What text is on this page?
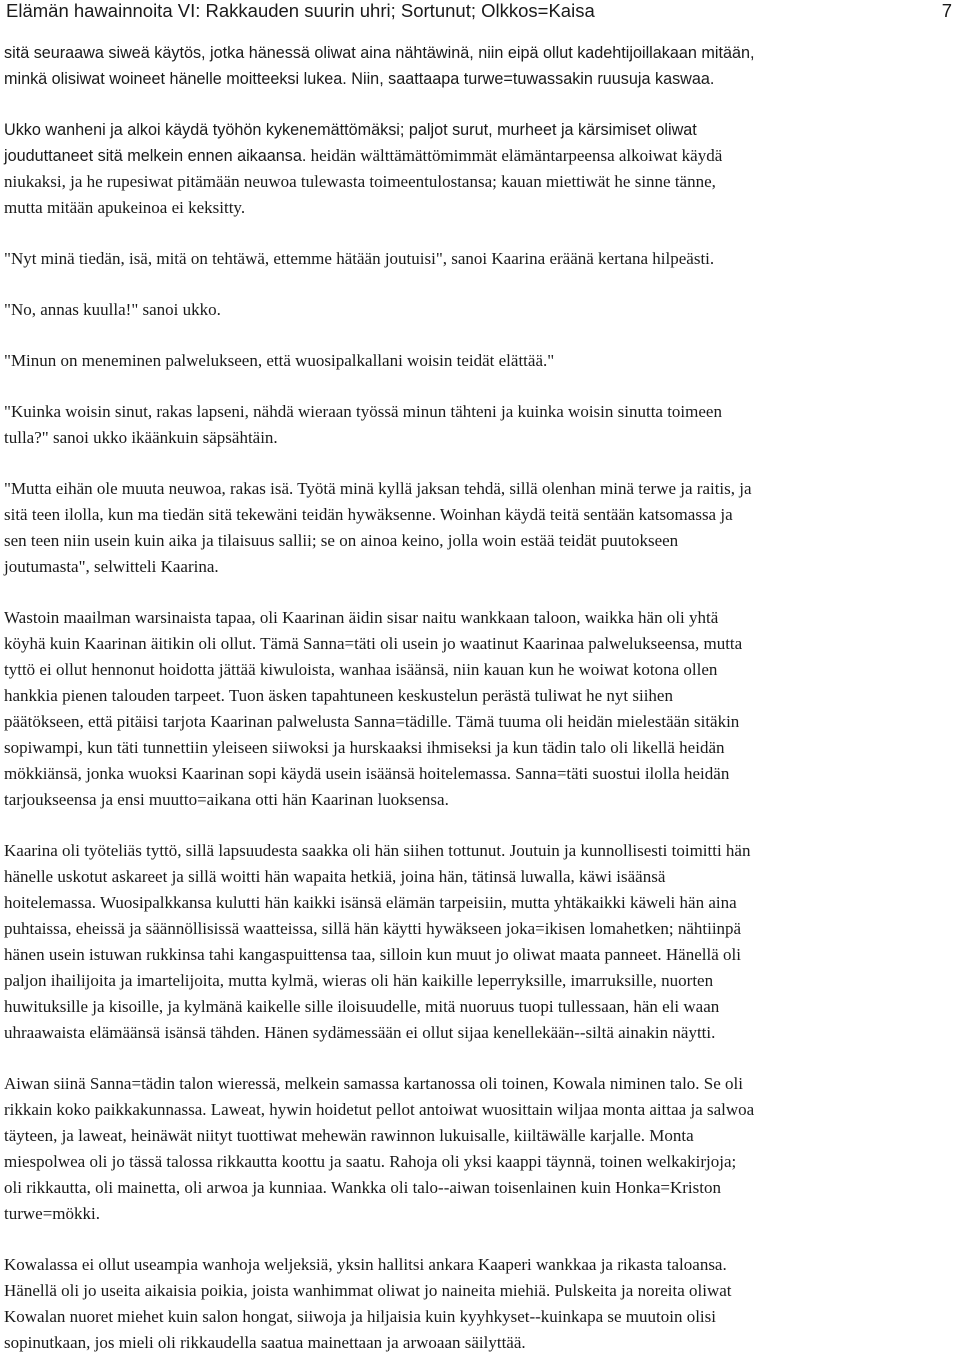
Elämän hawainnoita VI: Rakkauden suurin uhri; Sortunut; Olkkos=Kaisa	7
sitä seuraawa siweä käytös, jotka hänessä oliwat aina nähtäwinä, niin eipä ollut kadehtijoillakaan mitään,
minkä olisiwat woineet hänelle moitteeksi lukea. Niin, saattaapa turwe=tuwassakin ruusuja kaswaa.
Ukko wanheni ja alkoi käydä työhön kykenemättömäksi; paljot surut, murheet ja kärsimiset oliwat
jouduttaneet sitä melkein ennen aikaansa. heidän wälttämättömimmät elämäntarpeensa alkoiwat käydä
niukaksi, ja he rupesiwat pitämään neuwoa tulewasta toimeentulostansa; kauan miettiwät he sinne tänne,
mutta mitään apukeinoa ei keksitty.
"Nyt minä tiedän, isä, mitä on tehtäwä, ettemme hätään joutuisi", sanoi Kaarina eräänä kertana hilpeästi.
"No, annas kuulla!" sanoi ukko.
"Minun on meneminen palwelukseen, että wuosipalkallani woisin teidät elättää."
"Kuinka woisin sinut, rakas lapseni, nähdä wieraan työssä minun tähteni ja kuinka woisin sinutta toimeen
tulla?" sanoi ukko ikäänkuin säpsähtäin.
"Mutta eihän ole muuta neuwoa, rakas isä. Työtä minä kyllä jaksan tehdä, sillä olenhan minä terwe ja raitis, ja
sitä teen ilolla, kun ma tiedän sitä tekewäni teidän hywäksenne. Woinhan käydä teitä sentään katsomassa ja
sen teen niin usein kuin aika ja tilaisuus sallii; se on ainoa keino, jolla woin estää teidät puutokseen
joutumasta", selwitteli Kaarina.
Wastoin maailman warsinaista tapaa, oli Kaarinan äidin sisar naitu wankkaan taloon, waikka hän oli yhtä
köyhä kuin Kaarinan äitikin oli ollut. Tämä Sanna=täti oli usein jo waatinut Kaarinaa palwelukseensa, mutta
tyttö ei ollut hennonut hoidotta jättää kiwuloista, wanhaa isäänsä, niin kauan kun he woiwat kotona ollen
hankkia pienen talouden tarpeet. Tuon äsken tapahtuneen keskustelun perästä tuliwat he nyt siihen
päätökseen, että pitäisi tarjota Kaarinan palwelusta Sanna=tädille. Tämä tuuma oli heidän mielestään sitäkin
sopiwampi, kun täti tunnettiin yleiseen siiwoksi ja hurskaaksi ihmiseksi ja kun tädin talo oli likellä heidän
mökkiänsä, jonka wuoksi Kaarinan sopi käydä usein isäänsä hoitelemassa. Sanna=täti suostui ilolla heidän
tarjoukseensa ja ensi muutto=aikana otti hän Kaarinan luoksensa.
Kaarina oli työteliäs tyttö, sillä lapsuudesta saakka oli hän siihen tottunut. Joutuin ja kunnollisesti toimitti hän
hänelle uskotut askareet ja sillä woitti hän wapaita hetkiä, joina hän, tätinsä luwalla, käwi isäänsä
hoitelemassa. Wuosipalkkansa kulutti hän kaikki isänsä elämän tarpeisiin, mutta yhtäkaikki käweli hän aina
puhtaissa, eheissä ja säännöllisissä waatteissa, sillä hän käytti hywäkseen joka=ikisen lomahetken; nähtiinpä
hänen usein istuwan rukkinsa tahi kangaspuittensa taa, silloin kun muut jo oliwat maata panneet. Hänellä oli
paljon ihailijoita ja imartelijoita, mutta kylmä, wieras oli hän kaikille leperryksille, imarruksille, nuorten
huwituksille ja kisoille, ja kylmänä kaikelle sille iloisuudelle, mitä nuoruus tuopi tullessaan, hän eli waan
uhraawaista elämäänsä isänsä tähden. Hänen sydämessään ei ollut sijaa kenellekään--siltä ainakin näytti.
Aiwan siinä Sanna=tädin talon wieressä, melkein samassa kartanossa oli toinen, Kowala niminen talo. Se oli
rikkain koko paikkakunnassa. Laweat, hywin hoidetut pellot antoiwat wuosittain wiljaa monta aittaa ja salwoa
täyteen, ja laweat, heinäwät niityt tuottiwat mehewän rawinnon lukuisalle, kiiltäwälle karjalle. Monta
miespolwea oli jo tässä talossa rikkautta koottu ja saatu. Rahoja oli yksi kaappi täynnä, toinen welkakirjoja;
oli rikkautta, oli mainetta, oli arwoa ja kunniaa. Wankka oli talo--aiwan toisenlainen kuin Honka=Kriston
turwe=mökki.
Kowalassa ei ollut useampia wanhoja weljeksiä, yksin hallitsi ankara Kaaperi wankkaa ja rikasta taloansa.
Hänellä oli jo useita aikaisia poikia, joista wanhimmat oliwat jo naineita miehiä. Pulskeita ja noreita oliwat
Kowalan nuoret miehet kuin salon hongat, siiwoja ja hiljaisia kuin kyyhkyset--kuinkapa se muutoin olisi
sopinutkaan, jos mieli oli rikkaudella saatua mainettaan ja arwoaan säilyttää.
